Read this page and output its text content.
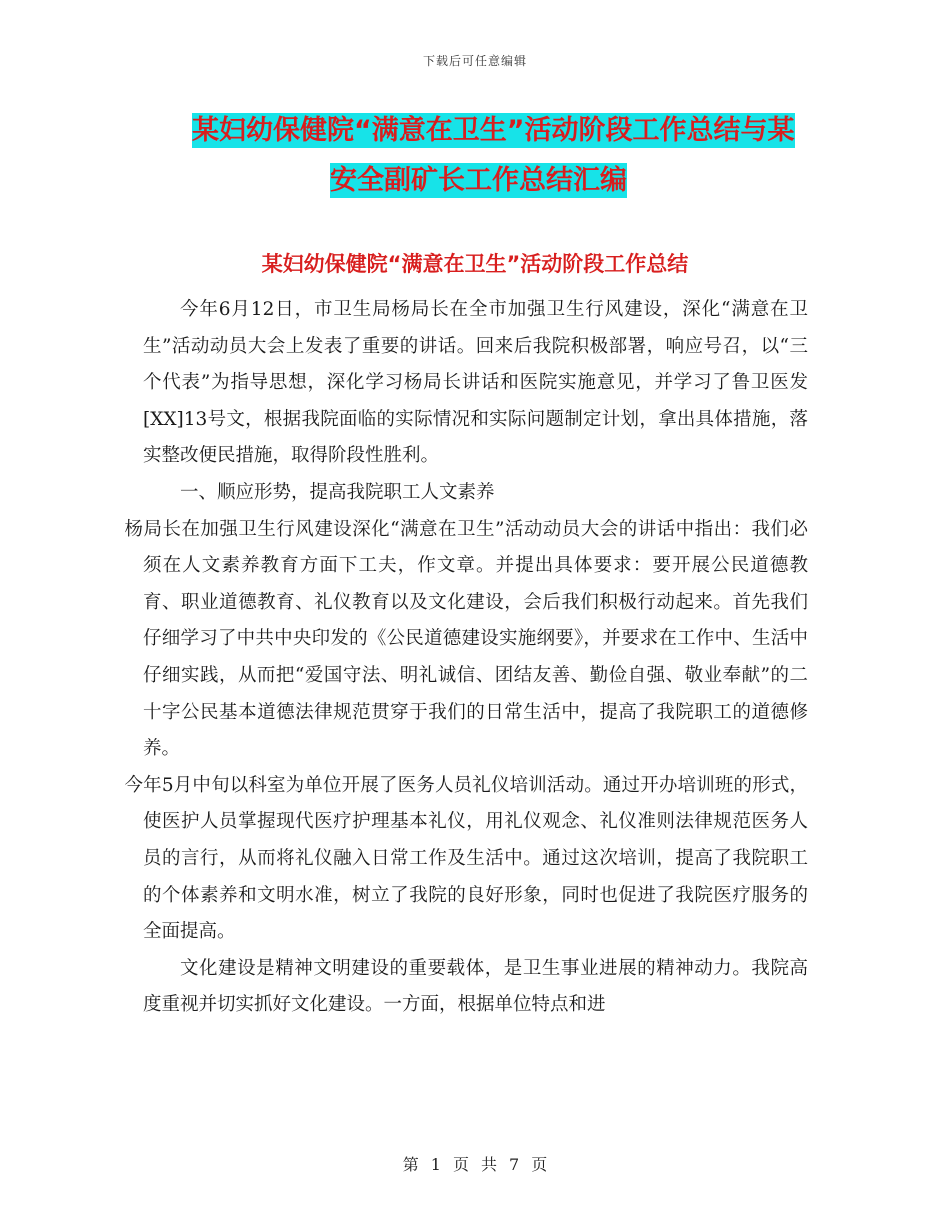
下载后可任意编辑
某妇幼保健院“满意在卫生”活动阶段工作总结与某
安全副矿长工作总结汇编
某妇幼保健院“满意在卫生”活动阶段工作总结

今年6月12日，市卫生局杨局长在全市加强卫生行风建设，深化“满意在卫生”活动动员大会上发表了重要的讲话。回来后我院积极部署，响应号召，以“三个代表”为指导思想，深化学习杨局长讲话和医院实施意见，并学习了鲁卫医发[XX]13号文，根据我院面临的实际情况和实际问题制定计划，拿出具体措施，落实整改便民措施，取得阶段性胜利。

一、顺应形势，提高我院职工人文素养

杨局长在加强卫生行风建设深化“满意在卫生”活动动员大会的讲话中指出：我们必须在人文素养教育方面下工夫，作文章。并提出具体要求：要开展公民道德教育、职业道德教育、礼仪教育以及文化建设，会后我们积极行动起来。首先我们仔细学习了中共中央印发的《公民道德建设实施纲要》，并要求在工作中、生活中仔细实践，从而把“爱国守法、明礼诚信、团结友善、勤俭自强、敬业奉献”的二十字公民基本道德法律规范贯穿于我们的日常生活中，提高了我院职工的道德修养。

今年5月中旬以科室为单位开展了医务人员礼仪培训活动。通过开办培训班的形式，使医护人员掌握现代医疗护理基本礼仪，用礼仪观念、礼仪准则法律规范医务人员的言行，从而将礼仪融入日常工作及生活中。通过这次培训，提高了我院职工的个体素养和文明水准，树立了我院的良好形象，同时也促进了我院医疗服务的全面提高。

文化建设是精神文明建设的重要载体，是卫生事业进展的精神动力。我院高度重视并切实抓好文化建设。一方面，根据单位特点和进

第 1 页 共 7 页
